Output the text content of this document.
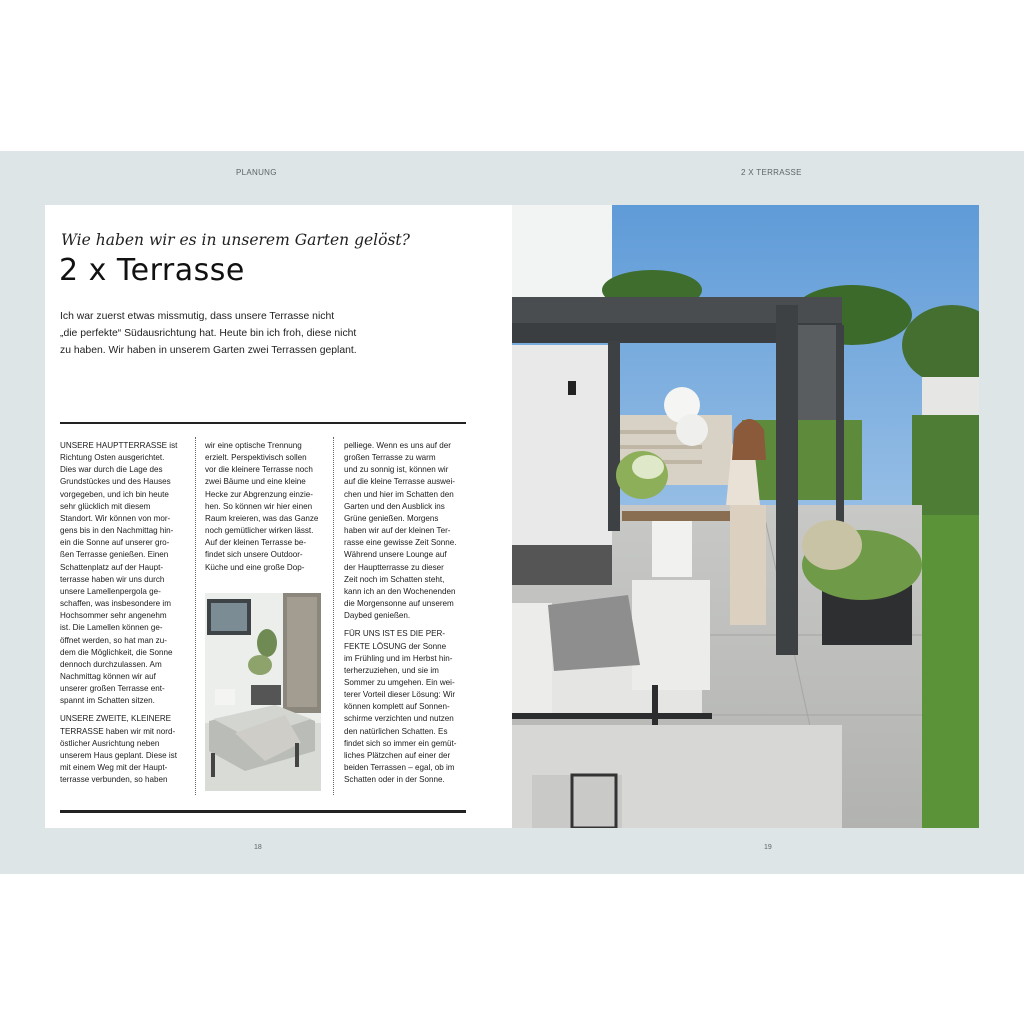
PLANUNG	2 X TERRASSE
Wie haben wir es in unserem Garten gelöst?
2 x Terrasse
Ich war zuerst etwas missmutig, dass unsere Terrasse nicht
„die perfekte“ Südausrichtung hat. Heute bin ich froh, diese nicht
zu haben. Wir haben in unserem Garten zwei Terrassen geplant.
UNSERE HAUPTTERRASSE ist
Richtung Osten ausgerichtet.
Dies war durch die Lage des
Grundstückes und des Hauses
vorgegeben, und ich bin heute
sehr glücklich mit diesem
Standort. Wir können von mor-
gens bis in den Nachmittag hin-
ein die Sonne auf unserer gro-
ßen Terrasse genießen. Einen
Schattenplatz auf der Haupt-
terrasse haben wir uns durch
unsere Lamellenpergola ge-
schaffen, was insbesondere im
Hochsommer sehr angenehm
ist. Die Lamellen können ge-
öffnet werden, so hat man zu-
dem die Möglichkeit, die Sonne
dennoch durchzulassen. Am
Nachmittag können wir auf
unserer großen Terrasse ent-
spannt im Schatten sitzen.
UNSERE ZWEITE, KLEINERE
TERRASSE haben wir mit nord-
östlicher Ausrichtung neben
unserem Haus geplant. Diese ist
mit einem Weg mit der Haupt-
terrasse verbunden, so haben
wir eine optische Trennung
erzielt. Perspektivisch sollen
vor die kleinere Terrasse noch
zwei Bäume und eine kleine
Hecke zur Abgrenzung einzie-
hen. So können wir hier einen
Raum kreieren, was das Ganze
noch gemütlicher wirken lässt.
Auf der kleinen Terrasse be-
findet sich unsere Outdoor-
Küche und eine große Dop-
pelliege. Wenn es uns auf der
großen Terrasse zu warm
und zu sonnig ist, können wir
auf die kleine Terrasse auswei-
chen und hier im Schatten den
Garten und den Ausblick ins
Grüne genießen. Morgens
haben wir auf der kleinen Ter-
rasse eine gewisse Zeit Sonne.
Während unsere Lounge auf
der Hauptterrasse zu dieser
Zeit noch im Schatten steht,
kann ich an den Wochenenden
die Morgensonne auf unserem
Daybed genießen.
FÜR UNS IST ES DIE PER-
FEKTE LÖSUNG der Sonne
im Frühling und im Herbst hin-
terherzuziehen, und sie im
Sommer zu umgehen. Ein wei-
terer Vorteil dieser Lösung: Wir
können komplett auf Sonnen-
schirme verzichten und nutzen
den natürlichen Schatten. Es
findet sich so immer ein gemüt-
liches Plätzchen auf einer der
beiden Terrassen – egal, ob im
Schatten oder in der Sonne.
18	19
